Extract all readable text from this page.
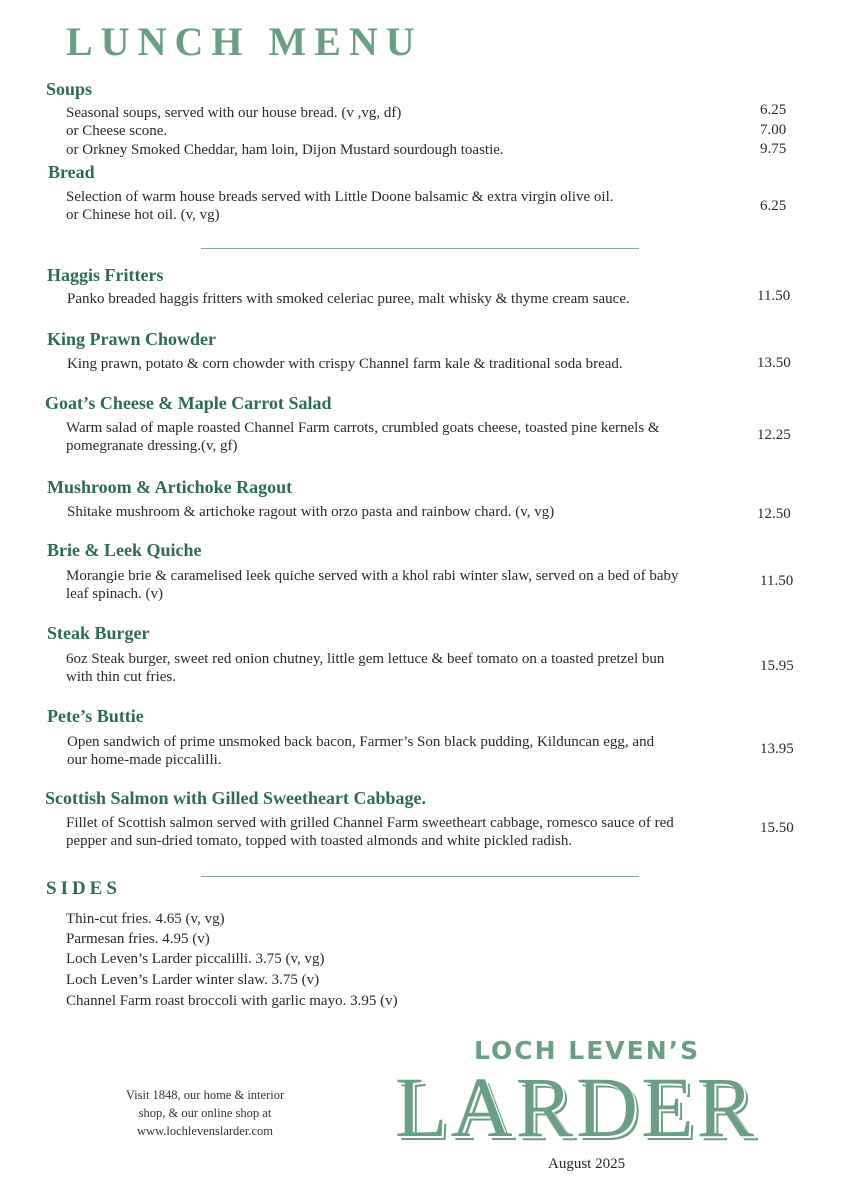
LUNCH MENU
Soups
Seasonal soups, served with our house bread. (v ,vg, df)	6.25
or Cheese scone.	7.00
or Orkney Smoked Cheddar, ham loin, Dijon Mustard sourdough toastie.	9.75
Bread
Selection of warm house breads served with Little Doone balsamic & extra virgin olive oil.
or Chinese hot oil. (v, vg)
6.25
Haggis Fritters
Panko breaded haggis fritters with smoked celeriac puree, malt whisky & thyme cream sauce.	11.50
King Prawn Chowder
King prawn, potato & corn chowder with crispy Channel farm kale & traditional soda bread.	13.50
Goat’s Cheese & Maple Carrot Salad
Warm salad of maple roasted Channel Farm carrots, crumbled goats cheese, toasted pine kernels &
pomegranate dressing.(v, gf)
12.25
Mushroom & Artichoke Ragout
Shitake mushroom & artichoke ragout with orzo pasta and rainbow chard. (v, vg)	12.50
Brie & Leek Quiche
Morangie brie & caramelised leek quiche served with a khol rabi winter slaw, served on a bed of baby
leaf spinach. (v)
11.50
Steak Burger
6oz Steak burger, sweet red onion chutney, little gem lettuce & beef tomato on a toasted pretzel bun
with thin cut fries.
15.95
Pete’s Buttie
Open sandwich of prime unsmoked back bacon, Farmer’s Son black pudding, Kilduncan egg, and
our home-made piccalilli.
13.95
Scottish Salmon with Gilled Sweetheart Cabbage.
Fillet of Scottish salmon served with grilled Channel Farm sweetheart cabbage, romesco sauce of red
pepper and sun-dried tomato, topped with toasted almonds and white pickled radish.
15.50
SIDES
Thin-cut fries. 4.65 (v, vg)
Parmesan fries. 4.95 (v)
Loch Leven’s Larder piccalilli. 3.75 (v, vg)
Loch Leven’s Larder winter slaw. 3.75 (v)
Channel Farm roast broccoli with garlic mayo. 3.95 (v)
Visit 1848, our home & interior
shop, & our online shop at
www.lochlevenslarder.com
LOCH LEVEN’S
LARDER
August 2025
